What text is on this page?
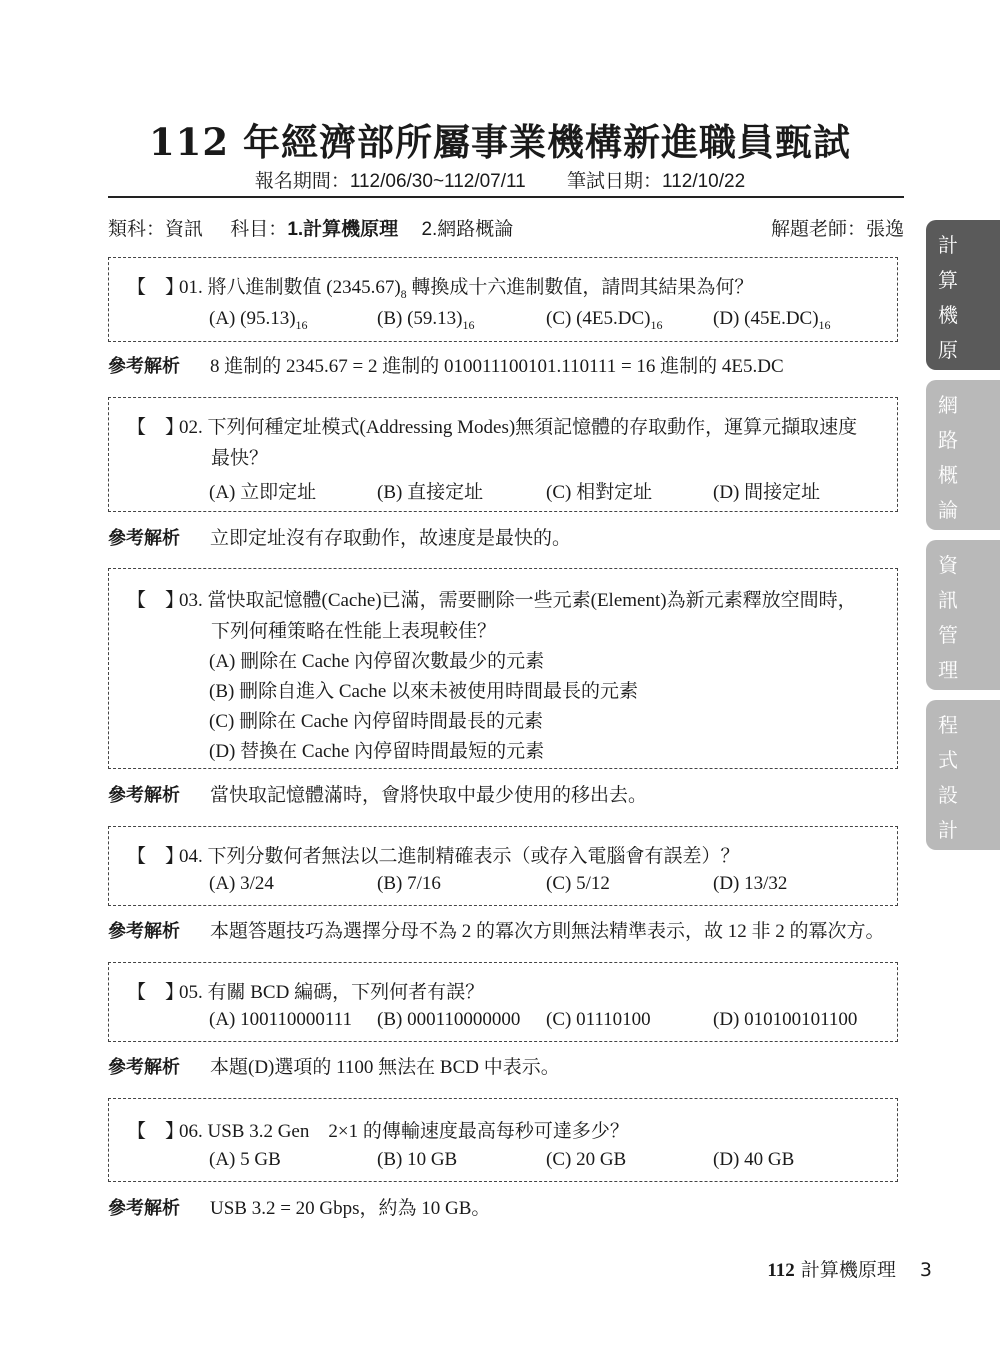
112 年經濟部所屬事業機構新進職員甄試
報名期間：112/06/30~112/07/11 筆試日期：112/10/22
類科：資訊 科目：1.計算機原理 2.網路概論	解題老師：張逸
【　】01. 將八進制數值 $(2345.67)_8$ 轉換成十六進制數值，請問其結果為何？
(A) $(95.13)_{16}$	(B) $(59.13)_{16}$	(C) $(4E5.DC)_{16}$	(D) $(45E.DC)_{16}$
參考解析 8 進制的 2345.67 = 2 進制的 010011100101.110111 = 16 進制的 4E5.DC
【　】02. 下列何種定址模式(Addressing Modes)無須記憶體的存取動作，運算元擷取速度
最快？
(A) 立即定址	(B) 直接定址	(C) 相對定址	(D) 間接定址
參考解析 立即定址沒有存取動作，故速度是最快的。
【　】03. 當快取記憶體(Cache)已滿，需要刪除一些元素(Element)為新元素釋放空間時，
下列何種策略在性能上表現較佳？
(A) 刪除在 Cache 內停留次數最少的元素
(B) 刪除自進入 Cache 以來未被使用時間最長的元素
(C) 刪除在 Cache 內停留時間最長的元素
(D) 替換在 Cache 內停留時間最短的元素
參考解析 當快取記憶體滿時，會將快取中最少使用的移出去。
【　】04. 下列分數何者無法以二進制精確表示（或存入電腦會有誤差）？
(A) 3/24	(B) 7/16	(C) 5/12	(D) 13/32
參考解析 本題答題技巧為選擇分母不為 2 的冪次方則無法精準表示，故 12 非 2 的冪次方。
【　】05. 有關 BCD 編碼，下列何者有誤？
(A) 100110000111 (B) 000110000000 (C) 01110100	(D) 010100101100
參考解析 本題(D)選項的 1100 無法在 BCD 中表示。
【　】06. USB 3.2 Gen　2×1 的傳輸速度最高每秒可達多少？
(A) 5 GB	(B) 10 GB	(C) 20 GB	(D) 40 GB
參考解析 USB 3.2 = 20 Gbps，約為 10 GB。
計
算
機
原
網
路
概
論
資
訊
管
理
程
式
設
計
112 計算機原理 3
